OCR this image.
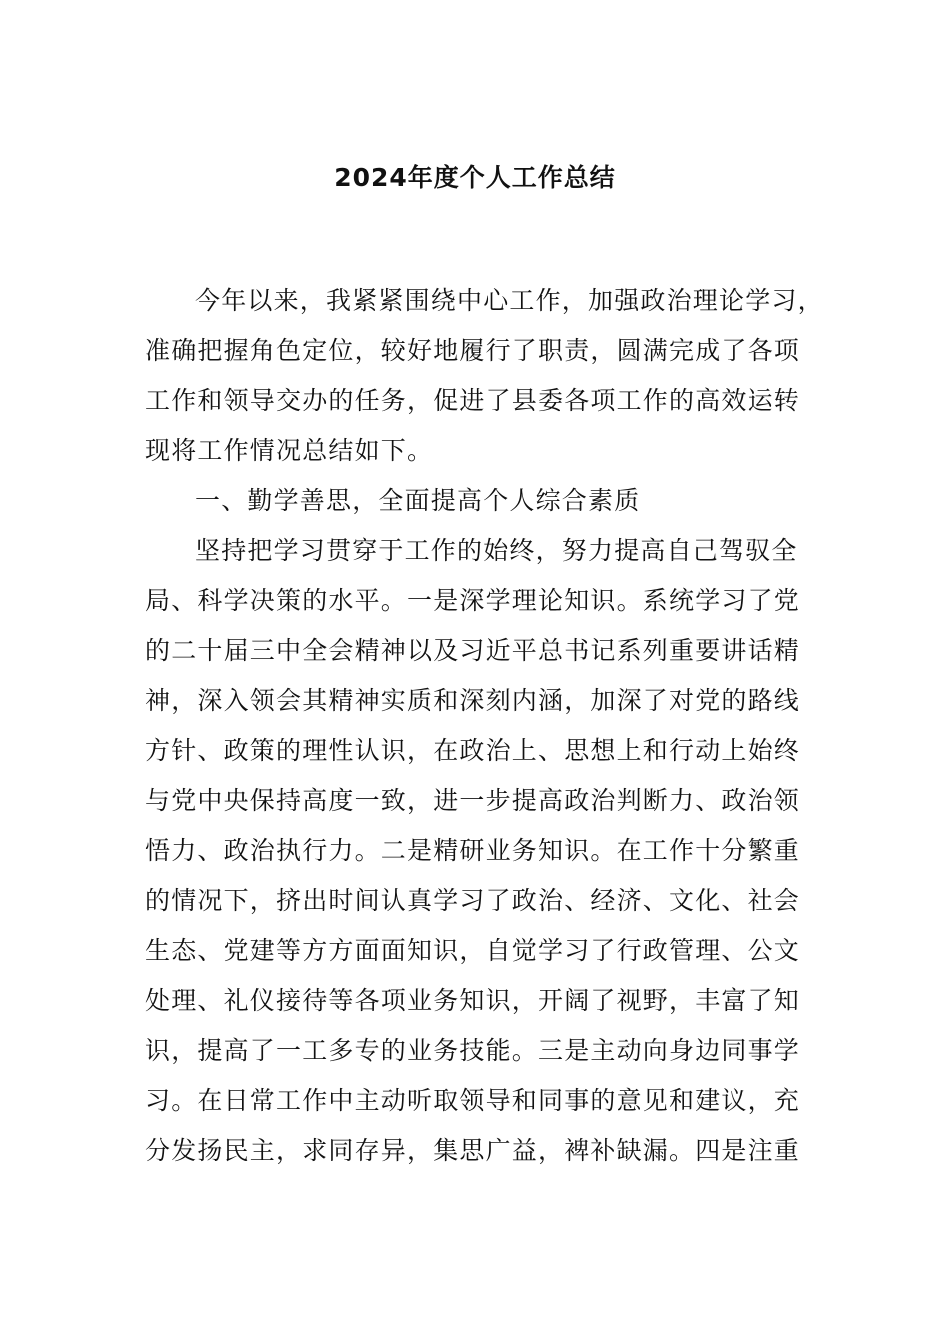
2024年度个人工作总结
今年以来，我紧紧围绕中心工作，加强政治理论学习，
准确把握角色定位，较好地履行了职责，圆满完成了各项
工作和领导交办的任务，促进了县委各项工作的高效运转
现将工作情况总结如下。
一、勤学善思，全面提高个人综合素质
坚持把学习贯穿于工作的始终，努力提高自己驾驭全
局、科学决策的水平。一是深学理论知识。系统学习了党
的二十届三中全会精神以及习近平总书记系列重要讲话精
神，深入领会其精神实质和深刻内涵，加深了对党的路线
方针、政策的理性认识，在政治上、思想上和行动上始终
与党中央保持高度一致，进一步提高政治判断力、政治领
悟力、政治执行力。二是精研业务知识。在工作十分繁重
的情况下，挤出时间认真学习了政治、经济、文化、社会
生态、党建等方方面面知识，自觉学习了行政管理、公文
处理、礼仪接待等各项业务知识，开阔了视野，丰富了知
识，提高了一工多专的业务技能。三是主动向身边同事学
习。在日常工作中主动听取领导和同事的意见和建议，充
分发扬民主，求同存异，集思广益，裨补缺漏。四是注重
